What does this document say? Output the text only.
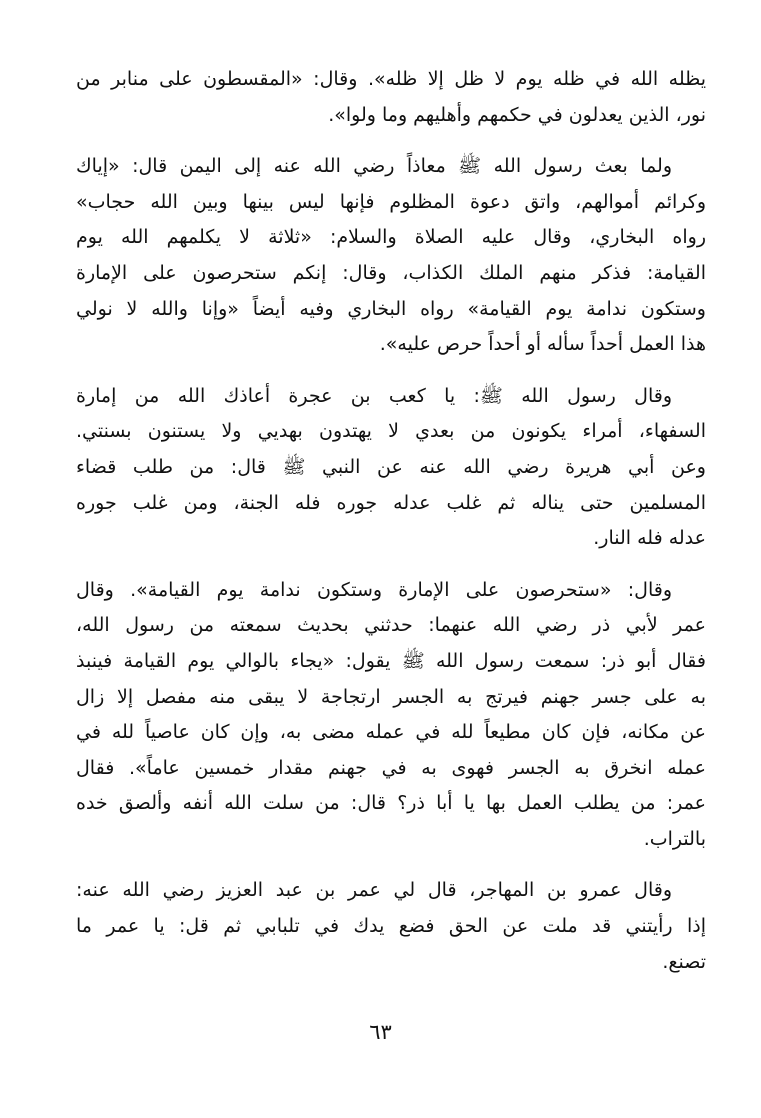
يظله الله في ظله يوم لا ظل إلا ظله». وقال: «المقسطون على منابر من
نور، الذين يعدلون في حكمهم وأهليهم وما ولوا».
ولما بعث رسول الله ﷺ معاذاً رضي الله عنه إلى اليمن قال: «إياك
وكرائم أموالهم، واتق دعوة المظلوم فإنها ليس بينها وبين الله حجاب»
رواه البخاري، وقال عليه الصلاة والسلام: «ثلاثة لا يكلمهم الله يوم
القيامة: فذكر منهم الملك الكذاب، وقال: إنكم ستحرصون على الإمارة
وستكون ندامة يوم القيامة» رواه البخاري وفيه أيضاً «وإنا والله لا نولي
هذا العمل أحداً سأله أو أحداً حرص عليه».
وقال رسول الله ﷺ: يا كعب بن عجرة أعاذك الله من إمارة
السفهاء، أمراء يكونون من بعدي لا يهتدون بهديي ولا يستنون بسنتي.
وعن أبي هريرة رضي الله عنه عن النبي ﷺ قال: من طلب قضاء
المسلمين حتى يناله ثم غلب عدله جوره فله الجنة، ومن غلب جوره
عدله فله النار.
وقال: «ستحرصون على الإمارة وستكون ندامة يوم القيامة». وقال
عمر لأبي ذر رضي الله عنهما: حدثني بحديث سمعته من رسول الله،
فقال أبو ذر: سمعت رسول الله ﷺ يقول: «يجاء بالوالي يوم القيامة فينبذ
به على جسر جهنم فيرتج به الجسر ارتجاجة لا يبقى منه مفصل إلا زال
عن مكانه، فإن كان مطيعاً لله في عمله مضى به، وإن كان عاصياً لله في
عمله انخرق به الجسر فهوى به في جهنم مقدار خمسين عاماً». فقال
عمر: من يطلب العمل بها يا أبا ذر؟ قال: من سلت الله أنفه وألصق خده
بالتراب.
وقال عمرو بن المهاجر، قال لي عمر بن عبد العزيز رضي الله عنه:
إذا رأيتني قد ملت عن الحق فضع يدك في تلبابي ثم قل: يا عمر ما
تصنع.
٦٣
